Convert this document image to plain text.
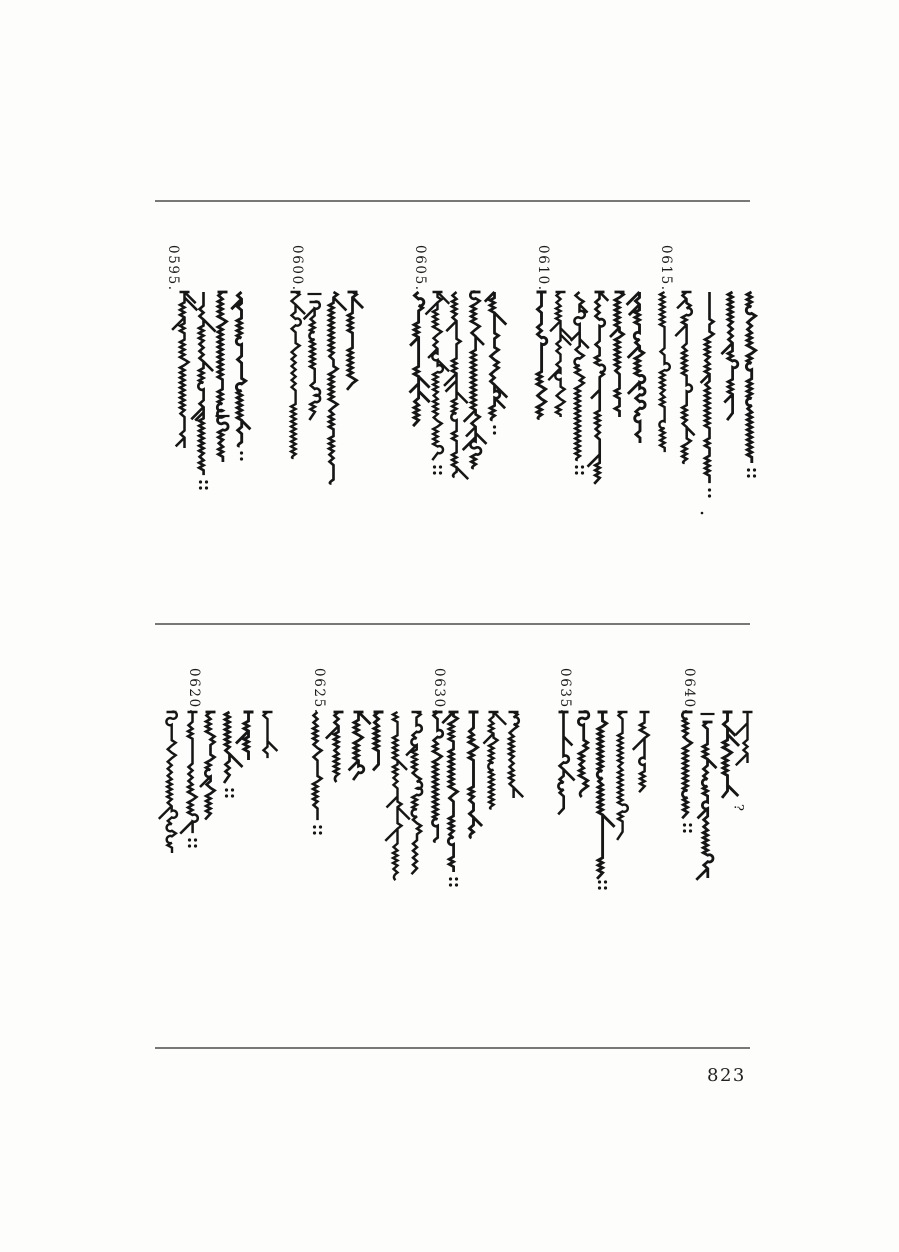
?
0595.	0600.	0605.	0610.	0615.
0620.	0625.	0630.	0635.	0640.
823
